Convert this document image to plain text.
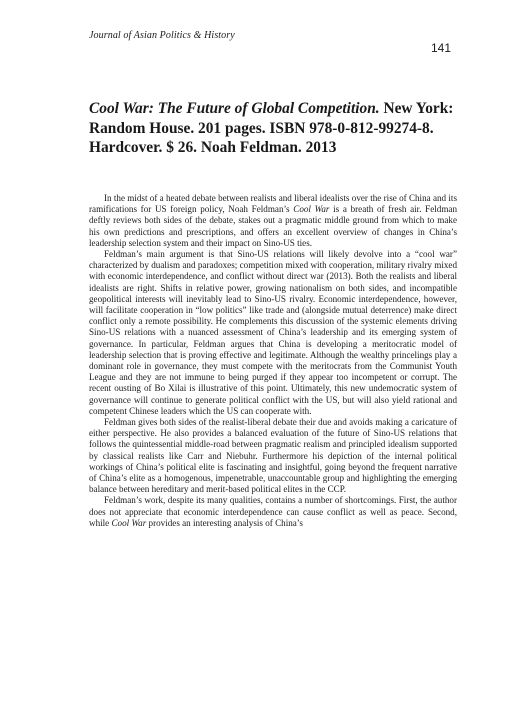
Journal of Asian Politics & History
141
Cool War: The Future of Global Competition. New York: Random House. 201 pages. ISBN 978-0-812-99274-8. Hardcover. $ 26. Noah Feldman. 2013

In the midst of a heated debate between realists and liberal idealists over the rise of China and its ramifications for US foreign policy, Noah Feldman’s Cool War is a breath of fresh air. Feldman deftly reviews both sides of the debate, stakes out a pragmatic middle ground from which to make his own predictions and prescriptions, and offers an excellent overview of changes in China’s leadership selection system and their impact on Sino-US ties.

Feldman’s main argument is that Sino-US relations will likely devolve into a “cool war” characterized by dualism and paradoxes; competition mixed with cooperation, military rivalry mixed with economic interdependence, and conflict without direct war (2013). Both the realists and liberal idealists are right. Shifts in relative power, growing nationalism on both sides, and incompatible geopolitical interests will inevitably lead to Sino-US rivalry. Economic interdependence, however, will facilitate cooperation in “low politics” like trade and (alongside mutual deterrence) make direct conflict only a remote possibility. He complements this discussion of the systemic elements driving Sino-US relations with a nuanced assessment of China’s leadership and its emerging system of governance. In particular, Feldman argues that China is developing a meritocratic model of leadership selection that is proving effective and legitimate. Although the wealthy princelings play a dominant role in governance, they must compete with the meritocrats from the Communist Youth League and they are not immune to being purged if they appear too incompetent or corrupt. The recent ousting of Bo Xilai is illustrative of this point. Ultimately, this new undemocratic system of governance will continue to generate political conflict with the US, but will also yield rational and competent Chinese leaders which the US can cooperate with.

Feldman gives both sides of the realist-liberal debate their due and avoids making a caricature of either perspective. He also provides a balanced evaluation of the future of Sino-US relations that follows the quintessential middle-road between pragmatic realism and principled idealism supported by classical realists like Carr and Niebuhr. Furthermore his depiction of the internal political workings of China’s political elite is fascinating and insightful, going beyond the frequent narrative of China’s elite as a homogenous, impenetrable, unaccountable group and highlighting the emerging balance between hereditary and merit-based political elites in the CCP.

Feldman’s work, despite its many qualities, contains a number of shortcomings. First, the author does not appreciate that economic interdependence can cause conflict as well as peace. Second, while Cool War provides an interesting analysis of China’s
